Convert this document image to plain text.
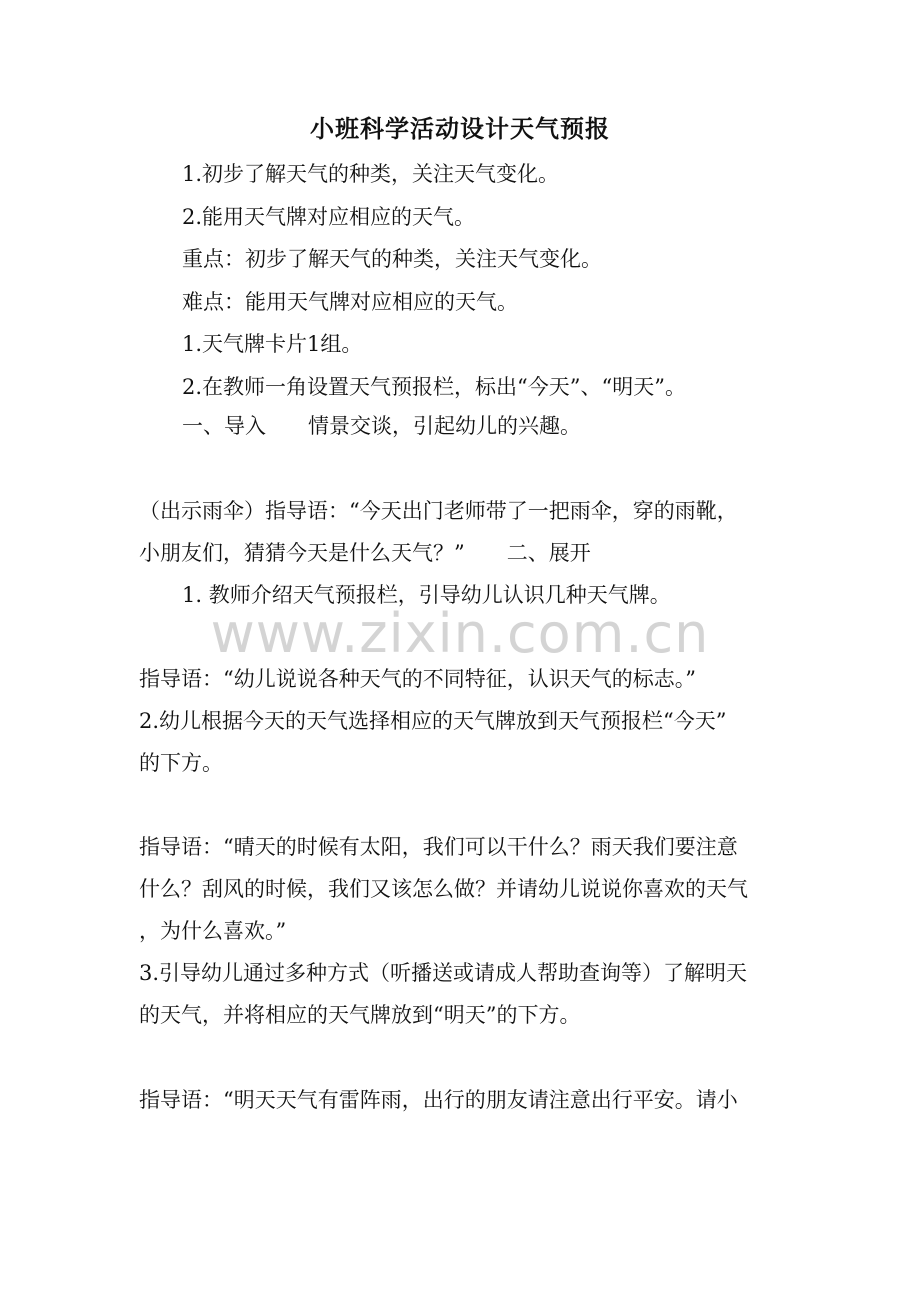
小班科学活动设计天气预报
1.初步了解天气的种类，关注天气变化。
2.能用天气牌对应相应的天气。
重点：初步了解天气的种类，关注天气变化。
难点：能用天气牌对应相应的天气。
1.天气牌卡片1组。
2.在教师一角设置天气预报栏，标出“今天”、“明天”。
一、导入　　情景交谈，引起幼儿的兴趣。
（出示雨伞）指导语：“今天出门老师带了一把雨伞，穿的雨靴，
小朋友们，猜猜今天是什么天气？”　　二、展开
1. 教师介绍天气预报栏，引导幼儿认识几种天气牌。
www.zixin.com.cn
指导语：“幼儿说说各种天气的不同特征，认识天气的标志。”
2.幼儿根据今天的天气选择相应的天气牌放到天气预报栏“今天”
的下方。
指导语：“晴天的时候有太阳，我们可以干什么？雨天我们要注意
什么？刮风的时候，我们又该怎么做？并请幼儿说说你喜欢的天气
，为什么喜欢。”
3.引导幼儿通过多种方式（听播送或请成人帮助查询等）了解明天
的天气，并将相应的天气牌放到“明天”的下方。
指导语：“明天天气有雷阵雨，出行的朋友请注意出行平安。请小
